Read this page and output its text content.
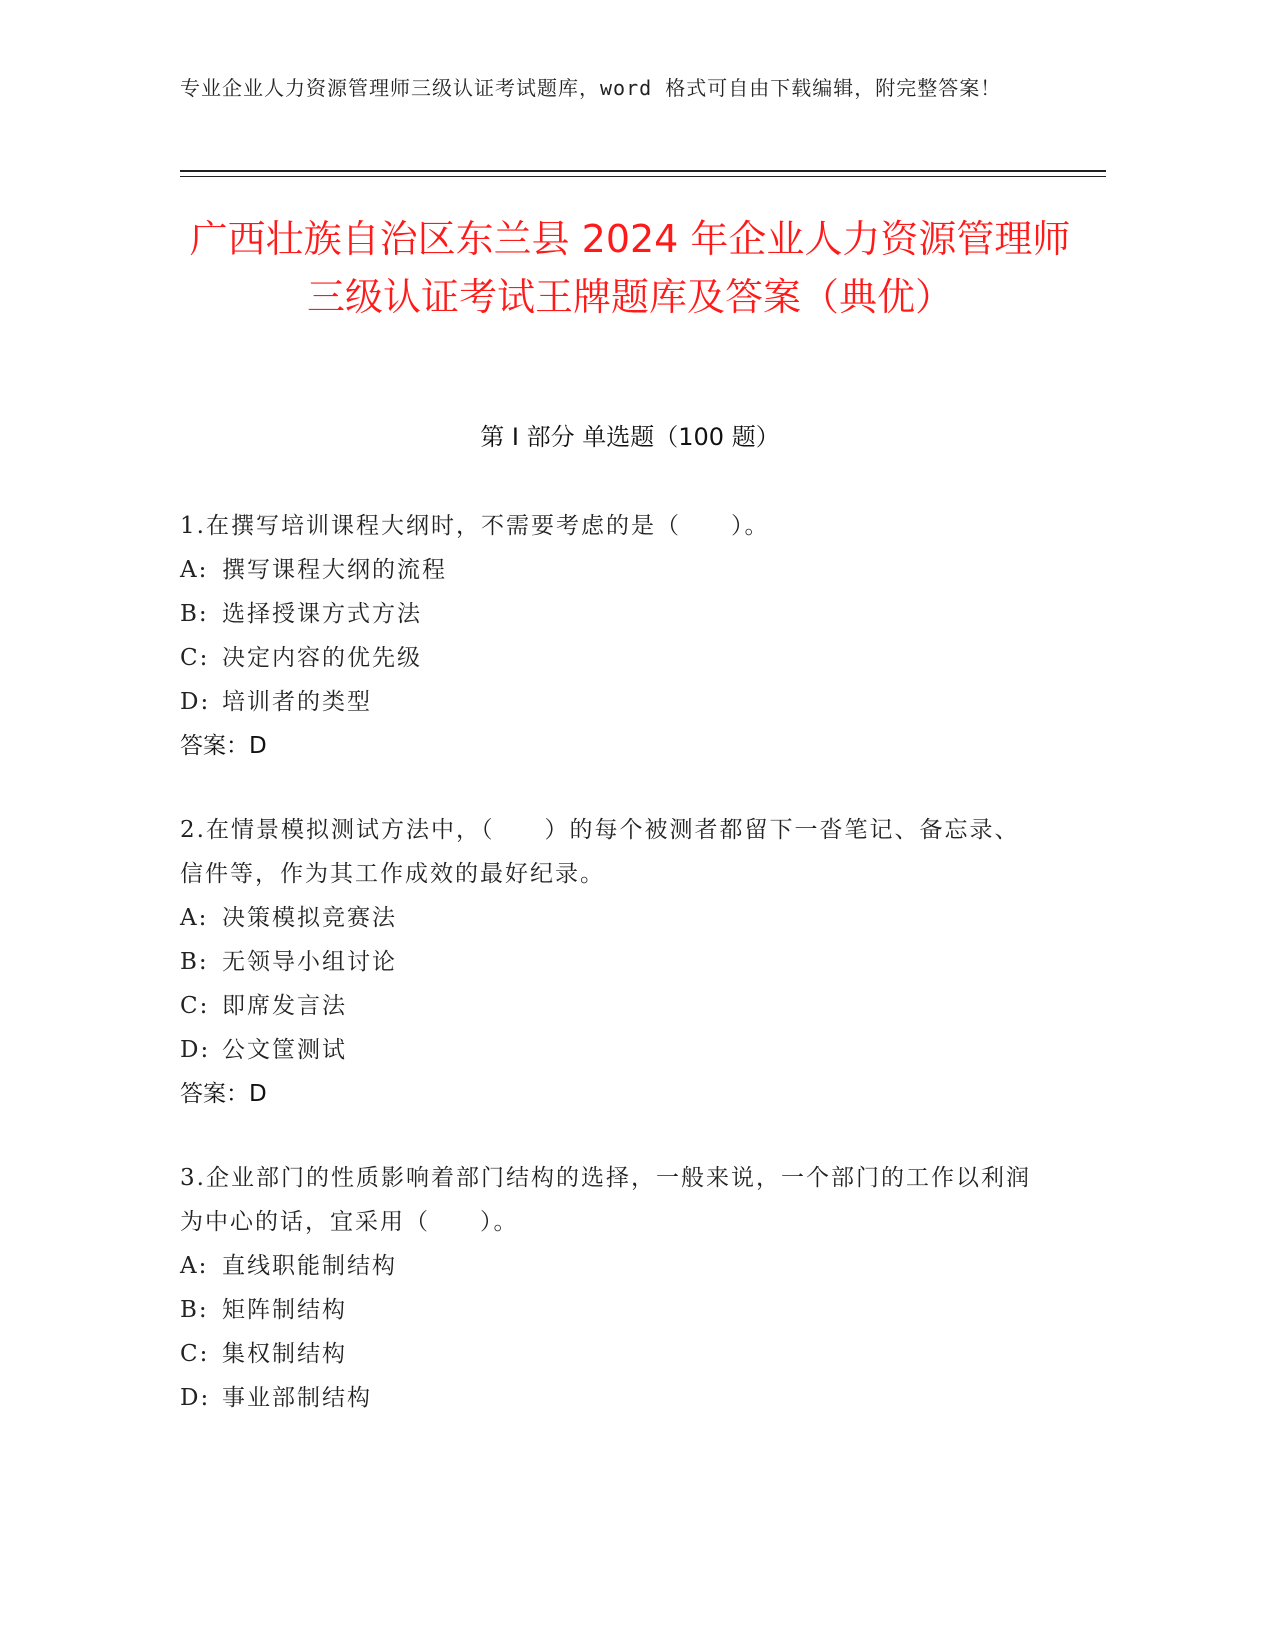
专业企业人力资源管理师三级认证考试题库，word 格式可自由下载编辑，附完整答案！
广西壮族自治区东兰县 2024 年企业人力资源管理师三级认证考试王牌题库及答案（典优）
第 I 部分 单选题（100 题）
1.在撰写培训课程大纲时，不需要考虑的是（　　）。
A: 撰写课程大纲的流程
B: 选择授课方式方法
C: 决定内容的优先级
D: 培训者的类型
答案：D
2.在情景模拟测试方法中，（　　）的每个被测者都留下一沓笔记、备忘录、信件等，作为其工作成效的最好纪录。
A: 决策模拟竞赛法
B: 无领导小组讨论
C: 即席发言法
D: 公文筐测试
答案：D
3.企业部门的性质影响着部门结构的选择，一般来说，一个部门的工作以利润为中心的话，宜采用（　　）。
A: 直线职能制结构
B: 矩阵制结构
C: 集权制结构
D: 事业部制结构
